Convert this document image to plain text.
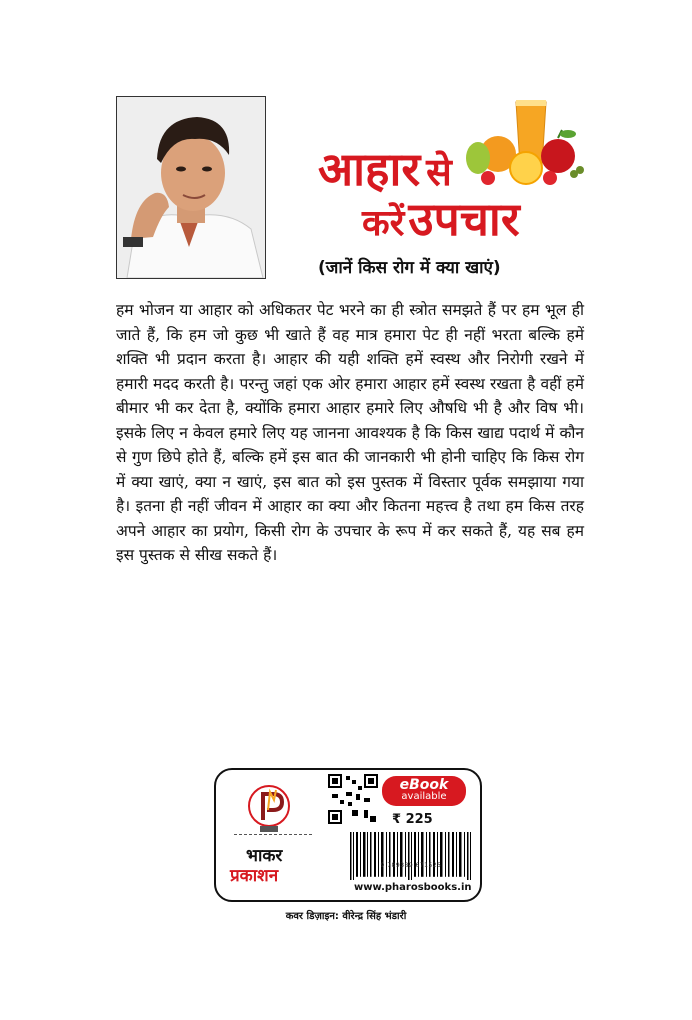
आहार से
करेंउपचार
(जानें किस रोग में क्या खाएं)
हम भोजन या आहार को अधिकतर पेट भरने का ही स्त्रोत समझते हैं पर हम भूल ही जाते हैं, कि हम जो कुछ भी खाते हैं वह मात्र हमारा पेट ही नहीं भरता बल्कि हमें शक्ति भी प्रदान करता है। आहार की यही शक्ति हमें स्वस्थ और निरोगी रखने में हमारी मदद करती है। परन्तु जहां एक ओर हमारा आहार हमें स्वस्थ रखता है वहीं हमें बीमार भी कर देता है, क्योंकि हमारा आहार हमारे लिए औषधि भी है और विष भी। इसके लिए न केवल हमारे लिए यह जानना आवश्यक है कि किस खाद्य पदार्थ में कौन से गुण छिपे होते हैं, बल्कि हमें इस बात की जानकारी भी होनी चाहिए कि किस रोग में क्या खाएं, क्या न खाएं, इस बात को इस पुस्तक में विस्तार पूर्वक समझाया गया है। इतना ही नहीं जीवन में आहार का क्या और कितना महत्त्व है तथा हम किस तरह अपने आहार का प्रयोग, किसी रोग के उपचार के रूप में कर सकते हैं, यह सब हम इस पुस्तक से सीख सकते हैं।
भाकर
प्रकाशन
eBook
available
₹ 225
9 789389 671525
www.pharosbooks.in
कवर डिज़ाइन: वीरेन्द्र सिंह भंडारी
